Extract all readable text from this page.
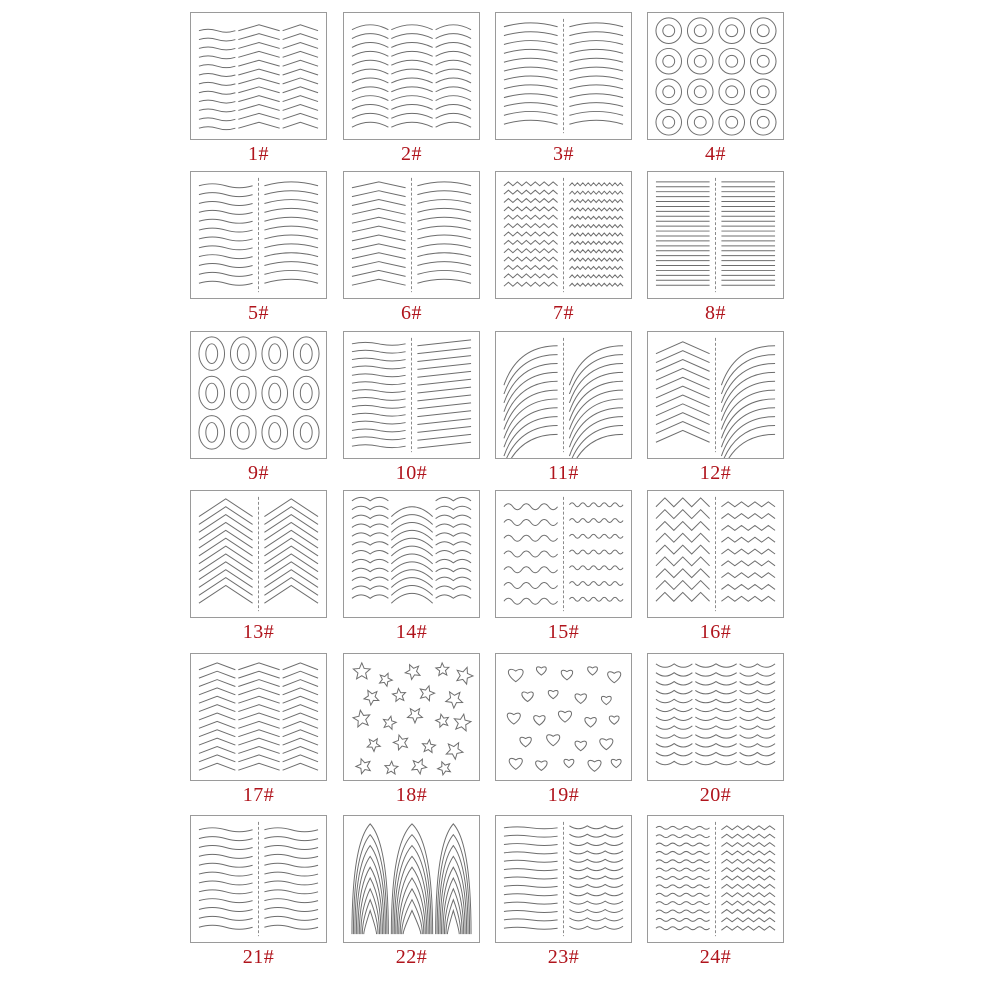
1#	2#	3#	4#
5#	6#	7#	8#
9#	10#	11#	12#
13#	14#	15#	16#
17#	18#	19#	20#
21#	22#	23#	24#
